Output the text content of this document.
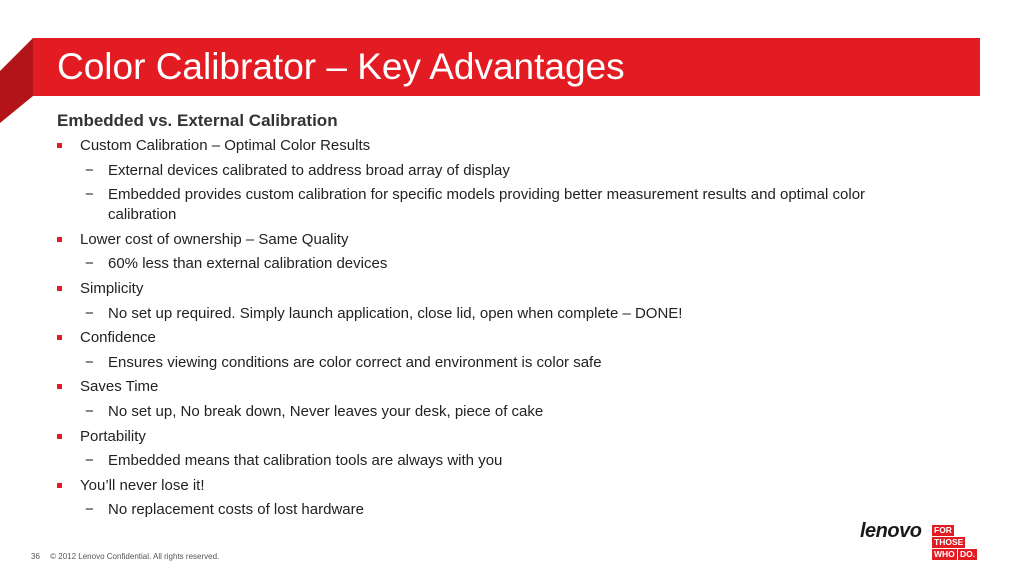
Color Calibrator – Key Advantages
Embedded vs. External Calibration
Custom Calibration – Optimal Color Results
− External devices calibrated to address broad array of display
− Embedded provides custom calibration for specific models providing better measurement results and optimal color calibration
Lower cost of ownership – Same Quality
− 60% less than external calibration devices
Simplicity
− No set up required. Simply launch application, close lid, open when complete – DONE!
Confidence
− Ensures viewing conditions are color correct and environment is color safe
Saves Time
− No set up, No break down, Never leaves your desk, piece of cake
Portability
− Embedded means that calibration tools are always with you
You’ll never lose it!
− No replacement costs of lost hardware
36 © 2012 Lenovo Confidential. All rights reserved.
lenovo FOR
THOSE
WHO DO.
